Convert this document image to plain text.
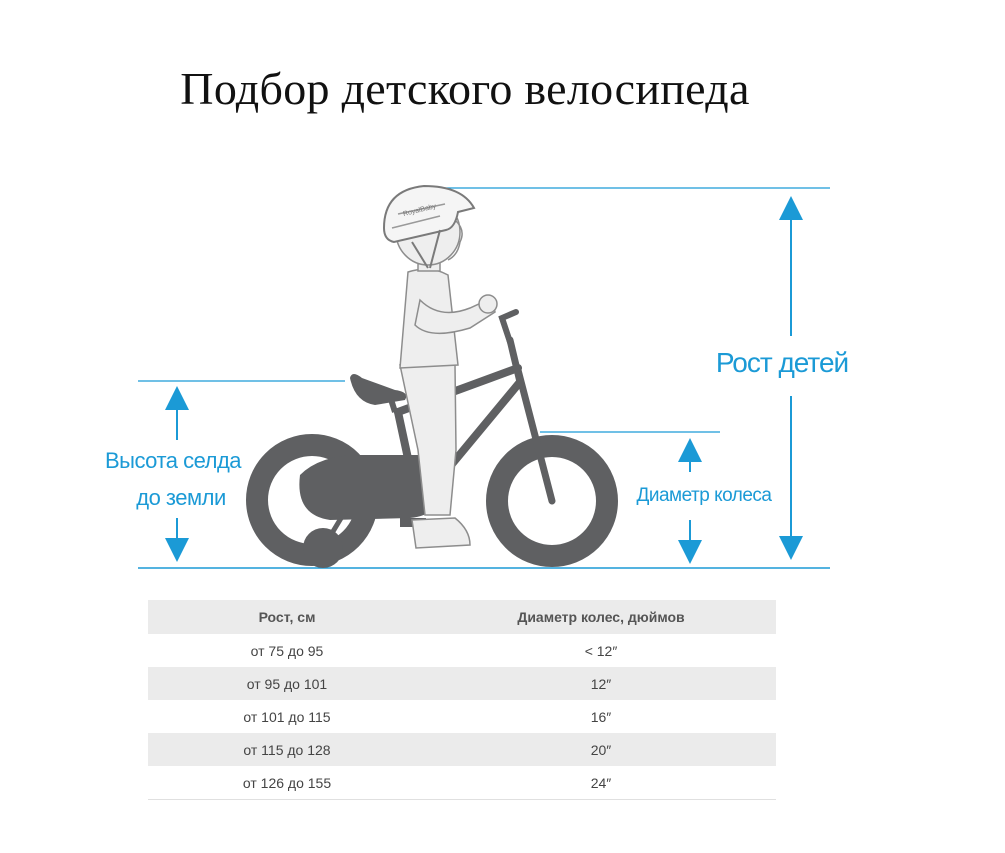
Подбор детского велосипеда
Рост детей
Высота селда
до земли	Диаметр колеса
RoyalBaby
Рост, см	Диаметр колес, дюймов
от 75 до 95	< 12″
от 95 до 101	12″
от 101 до 115	16″
от 115 до 128	20″
от 126 до 155	24″
